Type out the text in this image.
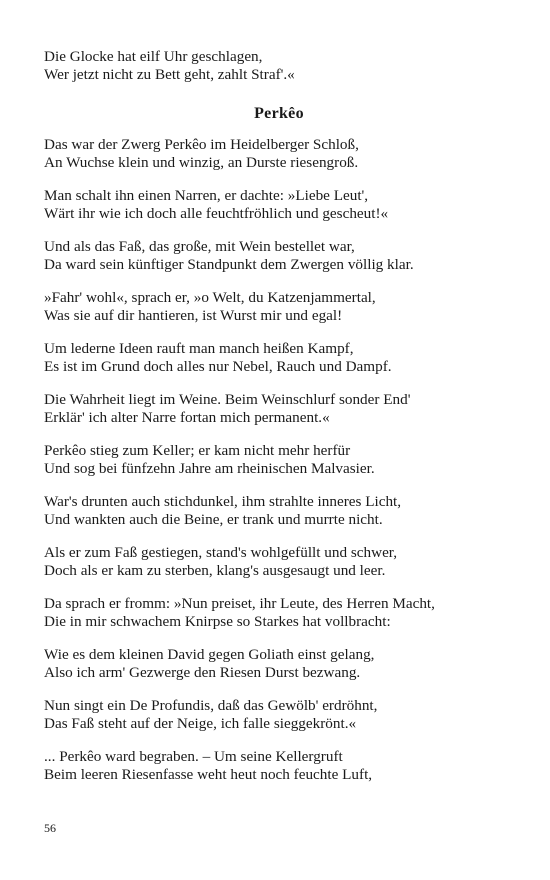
Die Glocke hat eilf Uhr geschlagen,
Wer jetzt nicht zu Bett geht, zahlt Straf'.«
Perkêo
Das war der Zwerg Perkêo im Heidelberger Schloß,
An Wuchse klein und winzig, an Durste riesengroß.
Man schalt ihn einen Narren, er dachte: »Liebe Leut',
Wärt ihr wie ich doch alle feuchtfröhlich und gescheut!«
Und als das Faß, das große, mit Wein bestellet war,
Da ward sein künftiger Standpunkt dem Zwergen völlig klar.
»Fahr' wohl«, sprach er, »o Welt, du Katzenjammertal,
Was sie auf dir hantieren, ist Wurst mir und egal!
Um lederne Ideen rauft man manch heißen Kampf,
Es ist im Grund doch alles nur Nebel, Rauch und Dampf.
Die Wahrheit liegt im Weine. Beim Weinschlurf sonder End'
Erklär' ich alter Narre fortan mich permanent.«
Perkêo stieg zum Keller; er kam nicht mehr herfür
Und sog bei fünfzehn Jahre am rheinischen Malvasier.
War's drunten auch stichdunkel, ihm strahlte inneres Licht,
Und wankten auch die Beine, er trank und murrte nicht.
Als er zum Faß gestiegen, stand's wohlgefüllt und schwer,
Doch als er kam zu sterben, klang's ausgesaugt und leer.
Da sprach er fromm: »Nun preiset, ihr Leute, des Herren Macht,
Die in mir schwachem Knirpse so Starkes hat vollbracht:
Wie es dem kleinen David gegen Goliath einst gelang,
Also ich arm' Gezwerge den Riesen Durst bezwang.
Nun singt ein De Profundis, daß das Gewölb' erdröhnt,
Das Faß steht auf der Neige, ich falle sieggekrönt.«
... Perkêo ward begraben. – Um seine Kellergruft
Beim leeren Riesenfasse weht heut noch feuchte Luft,
56
